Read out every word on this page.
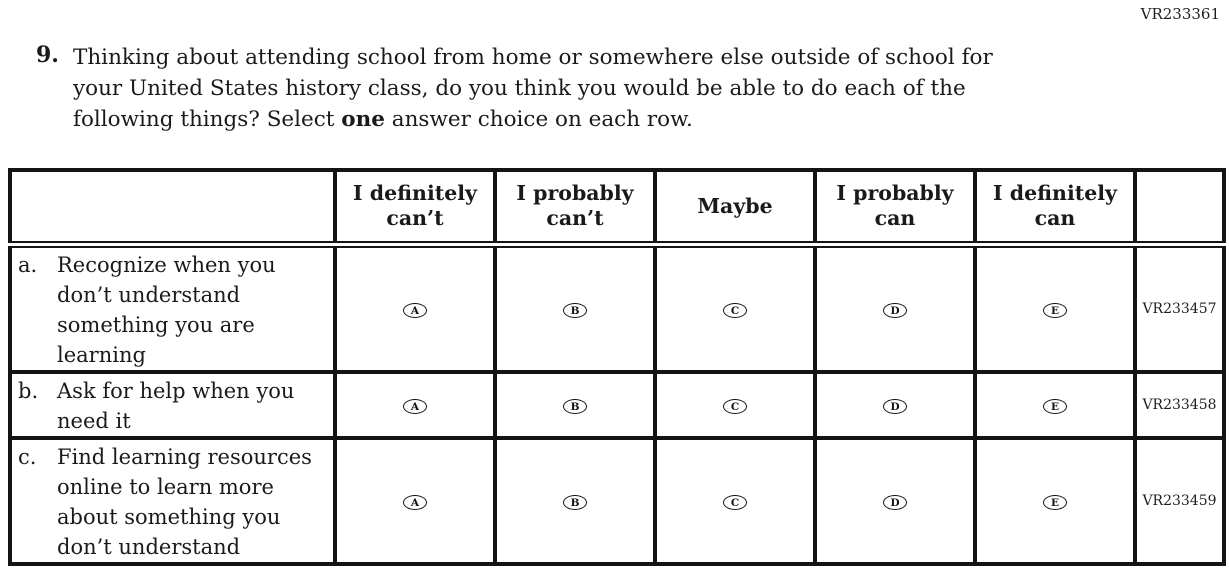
VR233361
9. Thinking about attending school from home or somewhere else outside of school for
your United States history class, do you think you would be able to do each of the
following things? Select one answer choice on each row.
	I definitely can’t	I probably can’t	Maybe	I probably can	I definitely can	

a. Recognize when you
don’t understand
something you are
learning	A	B	C	D	E	VR233457

b. Ask for help when you
need it	A	B	C	D	E	VR233458

c. Find learning resources
online to learn more
about something you
don’t understand	A	B	C	D	E	VR233459
